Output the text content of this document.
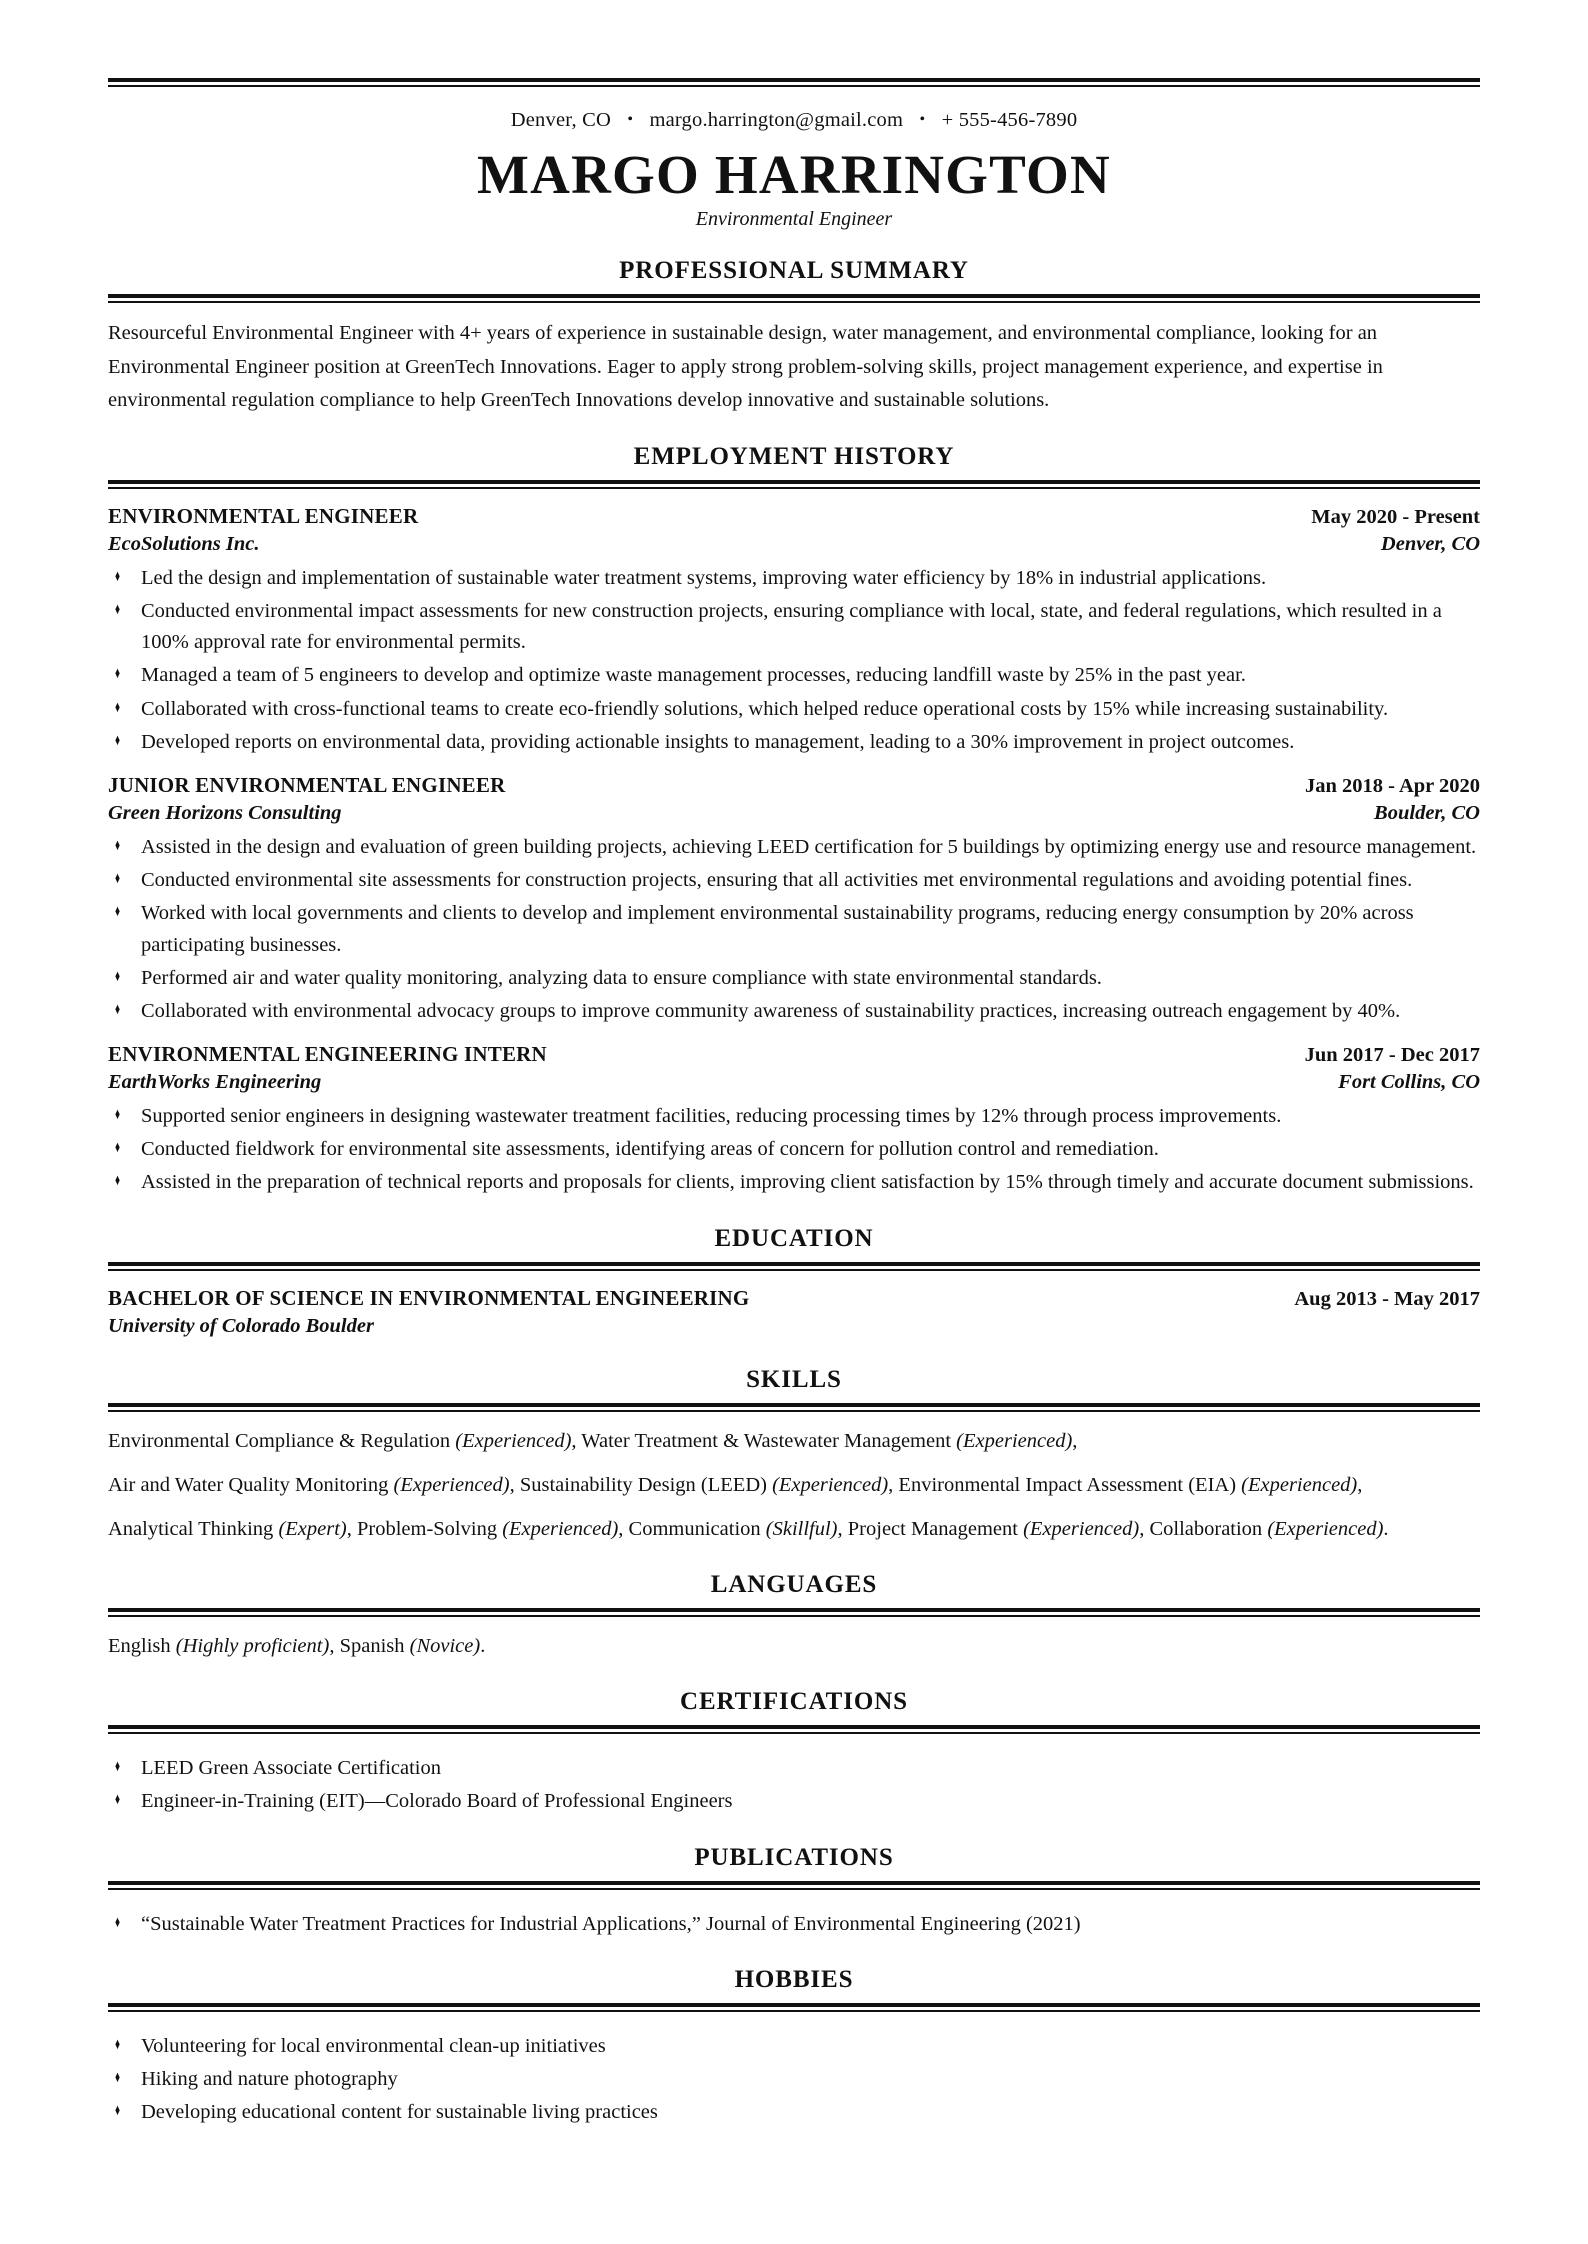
Denver, CO • margo.harrington@gmail.com • + 555-456-7890
MARGO HARRINGTON
Environmental Engineer
PROFESSIONAL SUMMARY

Resourceful Environmental Engineer with 4+ years of experience in sustainable design, water management, and environmental compliance, looking for an Environmental Engineer position at GreenTech Innovations. Eager to apply strong problem-solving skills, project management experience, and expertise in environmental regulation compliance to help GreenTech Innovations develop innovative and sustainable solutions.

EMPLOYMENT HISTORY
ENVIRONMENTAL ENGINEER	May 2020 - Present
EcoSolutions Inc.	Denver, CO
♦ Led the design and implementation of sustainable water treatment systems, improving water efficiency by 18% in industrial applications.
♦ Conducted environmental impact assessments for new construction projects, ensuring compliance with local, state, and federal regulations, which resulted in a 100% approval rate for environmental permits.
♦ Managed a team of 5 engineers to develop and optimize waste management processes, reducing landfill waste by 25% in the past year.
♦ Collaborated with cross-functional teams to create eco-friendly solutions, which helped reduce operational costs by 15% while increasing sustainability.
♦ Developed reports on environmental data, providing actionable insights to management, leading to a 30% improvement in project outcomes.
JUNIOR ENVIRONMENTAL ENGINEER	Jan 2018 - Apr 2020
Green Horizons Consulting	Boulder, CO
♦ Assisted in the design and evaluation of green building projects, achieving LEED certification for 5 buildings by optimizing energy use and resource management.
♦ Conducted environmental site assessments for construction projects, ensuring that all activities met environmental regulations and avoiding potential fines.
♦ Worked with local governments and clients to develop and implement environmental sustainability programs, reducing energy consumption by 20% across participating businesses.
♦ Performed air and water quality monitoring, analyzing data to ensure compliance with state environmental standards.
♦ Collaborated with environmental advocacy groups to improve community awareness of sustainability practices, increasing outreach engagement by 40%.
ENVIRONMENTAL ENGINEERING INTERN	Jun 2017 - Dec 2017
EarthWorks Engineering	Fort Collins, CO
♦ Supported senior engineers in designing wastewater treatment facilities, reducing processing times by 12% through process improvements.
♦ Conducted fieldwork for environmental site assessments, identifying areas of concern for pollution control and remediation.
♦ Assisted in the preparation of technical reports and proposals for clients, improving client satisfaction by 15% through timely and accurate document submissions.
EDUCATION
BACHELOR OF SCIENCE IN ENVIRONMENTAL ENGINEERING	Aug 2013 - May 2017
University of Colorado Boulder
SKILLS
Environmental Compliance & Regulation (Experienced), Water Treatment & Wastewater Management (Experienced),
Air and Water Quality Monitoring (Experienced), Sustainability Design (LEED) (Experienced), Environmental Impact Assessment (EIA) (Experienced),
Analytical Thinking (Expert), Problem-Solving (Experienced), Communication (Skillful), Project Management (Experienced), Collaboration (Experienced).
LANGUAGES
English (Highly proficient), Spanish (Novice).
CERTIFICATIONS
♦ LEED Green Associate Certification
♦ Engineer-in-Training (EIT)—Colorado Board of Professional Engineers
PUBLICATIONS
♦ “Sustainable Water Treatment Practices for Industrial Applications,” Journal of Environmental Engineering (2021)
HOBBIES
♦ Volunteering for local environmental clean-up initiatives
♦ Hiking and nature photography
♦ Developing educational content for sustainable living practices
